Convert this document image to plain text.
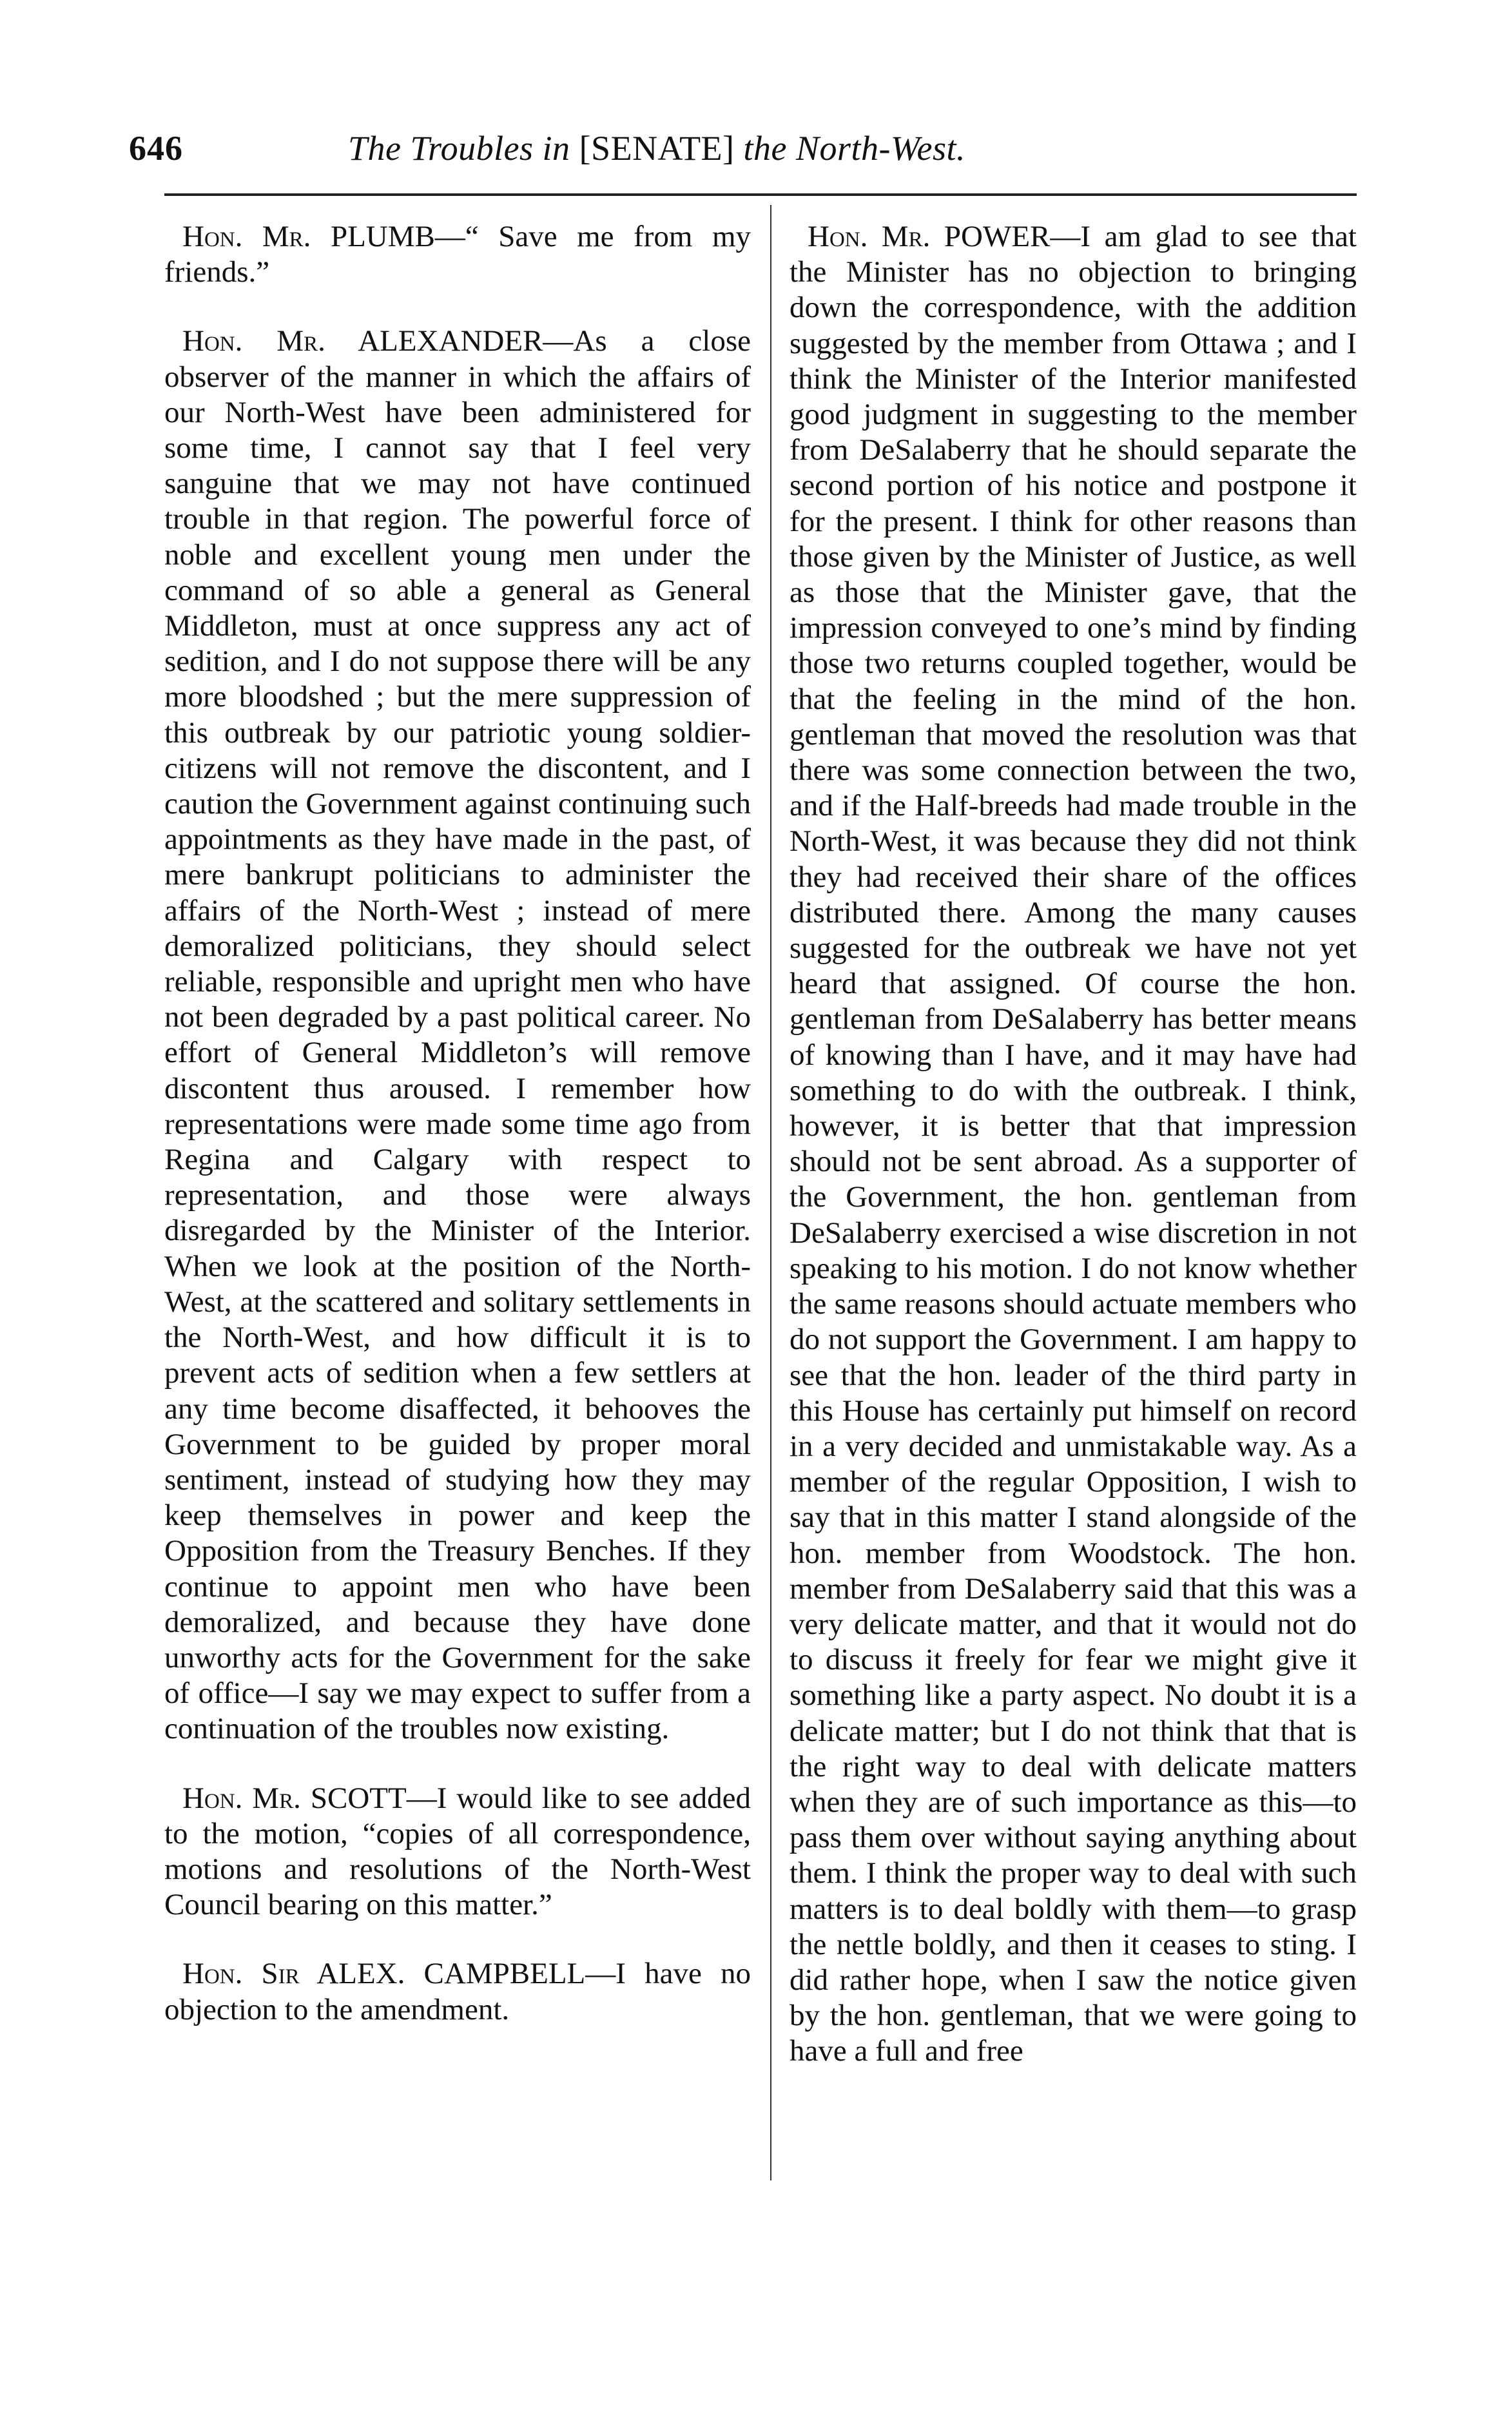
646	The Troubles in [SENATE] the North-West.

Hon. Mr. PLUMB—“ Save me from my friends.”

Hon. Mr. ALEXANDER—As a close observer of the manner in which the affairs of our North-West have been administered for some time, I cannot say that I feel very sanguine that we may not have continued trouble in that region. The powerful force of noble and excellent young men under the command of so able a general as General Middleton, must at once suppress any act of sedition, and I do not suppose there will be any more bloodshed ; but the mere suppression of this outbreak by our patriotic young soldier-citizens will not remove the discontent, and I caution the Government against continuing such appointments as they have made in the past, of mere bankrupt politicians to administer the affairs of the North-West ; instead of mere demoralized politicians, they should select reliable, responsible and upright men who have not been degraded by a past political career. No effort of General Middleton’s will remove discontent thus aroused. I remember how representations were made some time ago from Regina and Calgary with respect to representation, and those were always disregarded by the Minister of the Interior. When we look at the position of the North-West, at the scattered and solitary settlements in the North-West, and how difficult it is to prevent acts of sedition when a few settlers at any time become disaffected, it behooves the Government to be guided by proper moral sentiment, instead of studying how they may keep themselves in power and keep the Opposition from the Treasury Benches. If they continue to appoint men who have been demoralized, and because they have done unworthy acts for the Government for the sake of office—I say we may expect to suffer from a continuation of the troubles now existing.

Hon. Mr. SCOTT—I would like to see added to the motion, “copies of all correspondence, motions and resolutions of the North-West Council bearing on this matter.”

Hon. Sir ALEX. CAMPBELL—I have no objection to the amendment.

Hon. Mr. POWER—I am glad to see that the Minister has no objection to bringing down the correspondence, with the addition suggested by the member from Ottawa ; and I think the Minister of the Interior manifested good judgment in suggesting to the member from DeSalaberry that he should separate the second portion of his notice and postpone it for the present. I think for other reasons than those given by the Minister of Justice, as well as those that the Minister gave, that the impression conveyed to one’s mind by finding those two returns coupled together, would be that the feeling in the mind of the hon. gentleman that moved the resolution was that there was some connection between the two, and if the Half-breeds had made trouble in the North-West, it was because they did not think they had received their share of the offices distributed there. Among the many causes suggested for the outbreak we have not yet heard that assigned. Of course the hon. gentleman from DeSalaberry has better means of knowing than I have, and it may have had something to do with the outbreak. I think, however, it is better that that impression should not be sent abroad. As a supporter of the Government, the hon. gentleman from DeSalaberry exercised a wise discretion in not speaking to his motion. I do not know whether the same reasons should actuate members who do not support the Government. I am happy to see that the hon. leader of the third party in this House has certainly put himself on record in a very decided and unmistakable way. As a member of the regular Opposition, I wish to say that in this matter I stand alongside of the hon. member from Woodstock. The hon. member from DeSalaberry said that this was a very delicate matter, and that it would not do to discuss it freely for fear we might give it something like a party aspect. No doubt it is a delicate matter; but I do not think that that is the right way to deal with delicate matters when they are of such importance as this—to pass them over without saying anything about them. I think the proper way to deal with such matters is to deal boldly with them—to grasp the nettle boldly, and then it ceases to sting. I did rather hope, when I saw the notice given by the hon. gentleman, that we were going to have a full and free
